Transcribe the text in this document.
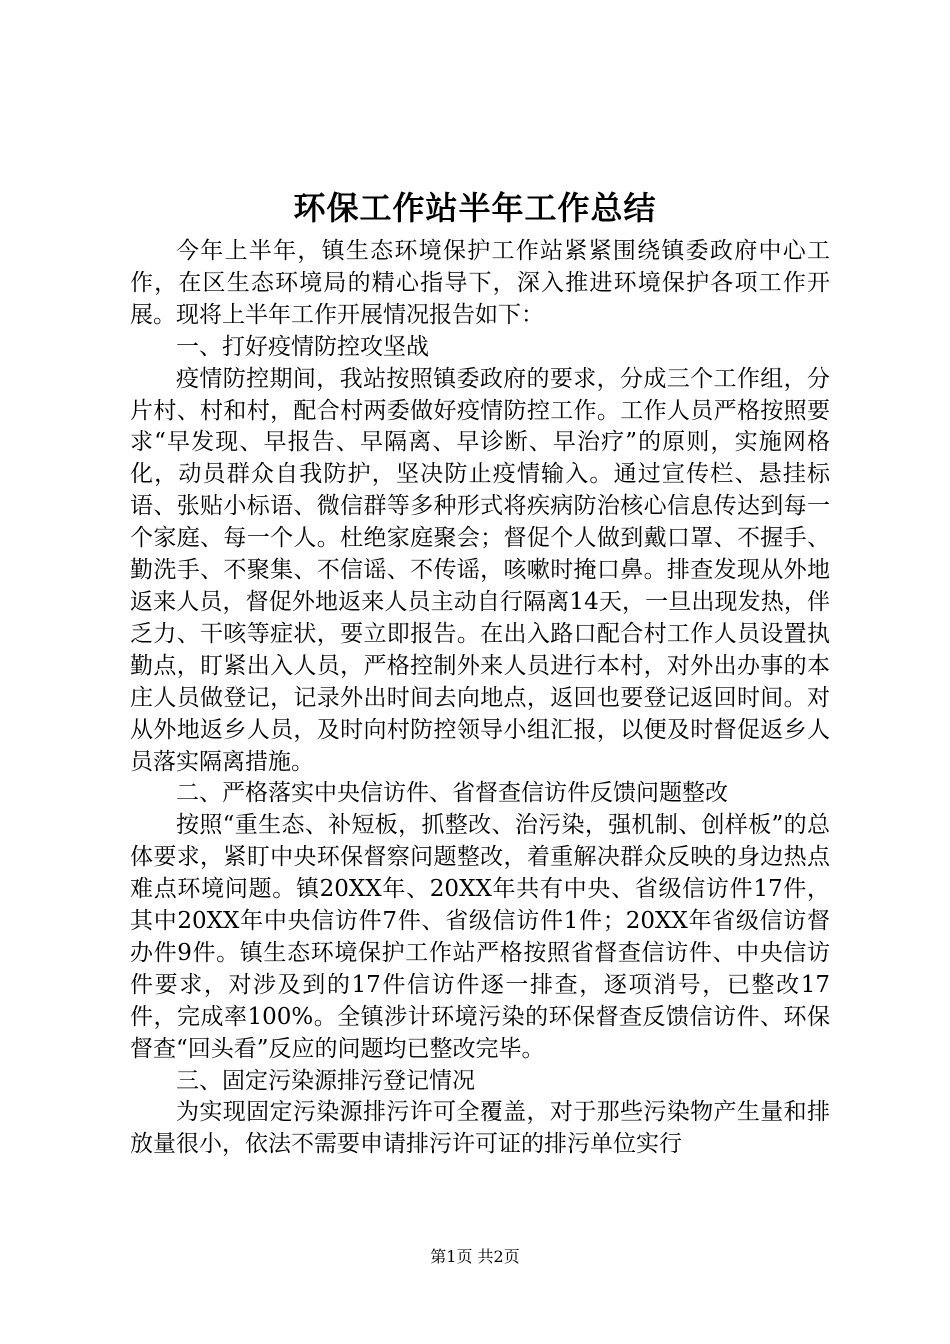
环保工作站半年工作总结

今年上半年，镇生态环境保护工作站紧紧围绕镇委政府中心工作，在区生态环境局的精心指导下，深入推进环境保护各项工作开展。现将上半年工作开展情况报告如下：

一、打好疫情防控攻坚战

疫情防控期间，我站按照镇委政府的要求，分成三个工作组，分片村、村和村，配合村两委做好疫情防控工作。工作人员严格按照要求“早发现、早报告、早隔离、早诊断、早治疗”的原则，实施网格化，动员群众自我防护，坚决防止疫情输入。通过宣传栏、悬挂标语、张贴小标语、微信群等多种形式将疾病防治核心信息传达到每一个家庭、每一个人。杜绝家庭聚会；督促个人做到戴口罩、不握手、勤洗手、不聚集、不信谣、不传谣，咳嗽时掩口鼻。排查发现从外地返来人员，督促外地返来人员主动自行隔离14天，一旦出现发热，伴乏力、干咳等症状，要立即报告。在出入路口配合村工作人员设置执勤点，盯紧出入人员，严格控制外来人员进行本村，对外出办事的本庄人员做登记，记录外出时间去向地点，返回也要登记返回时间。对从外地返乡人员，及时向村防控领导小组汇报，以便及时督促返乡人员落实隔离措施。

二、严格落实中央信访件、省督查信访件反馈问题整改

按照“重生态、补短板，抓整改、治污染，强机制、创样板”的总体要求，紧盯中央环保督察问题整改，着重解决群众反映的身边热点难点环境问题。镇20XX年、20XX年共有中央、省级信访件17件，其中20XX年中央信访件7件、省级信访件1件；20XX年省级信访督办件9件。镇生态环境保护工作站严格按照省督查信访件、中央信访件要求，对涉及到的17件信访件逐一排查，逐项消号，已整改17件，完成率100%。全镇涉计环境污染的环保督查反馈信访件、环保督查“回头看”反应的问题均已整改完毕。

三、固定污染源排污登记情况

为实现固定污染源排污许可全覆盖，对于那些污染物产生量和排放量很小，依法不需要申请排污许可证的排污单位实行

第1页 共2页
